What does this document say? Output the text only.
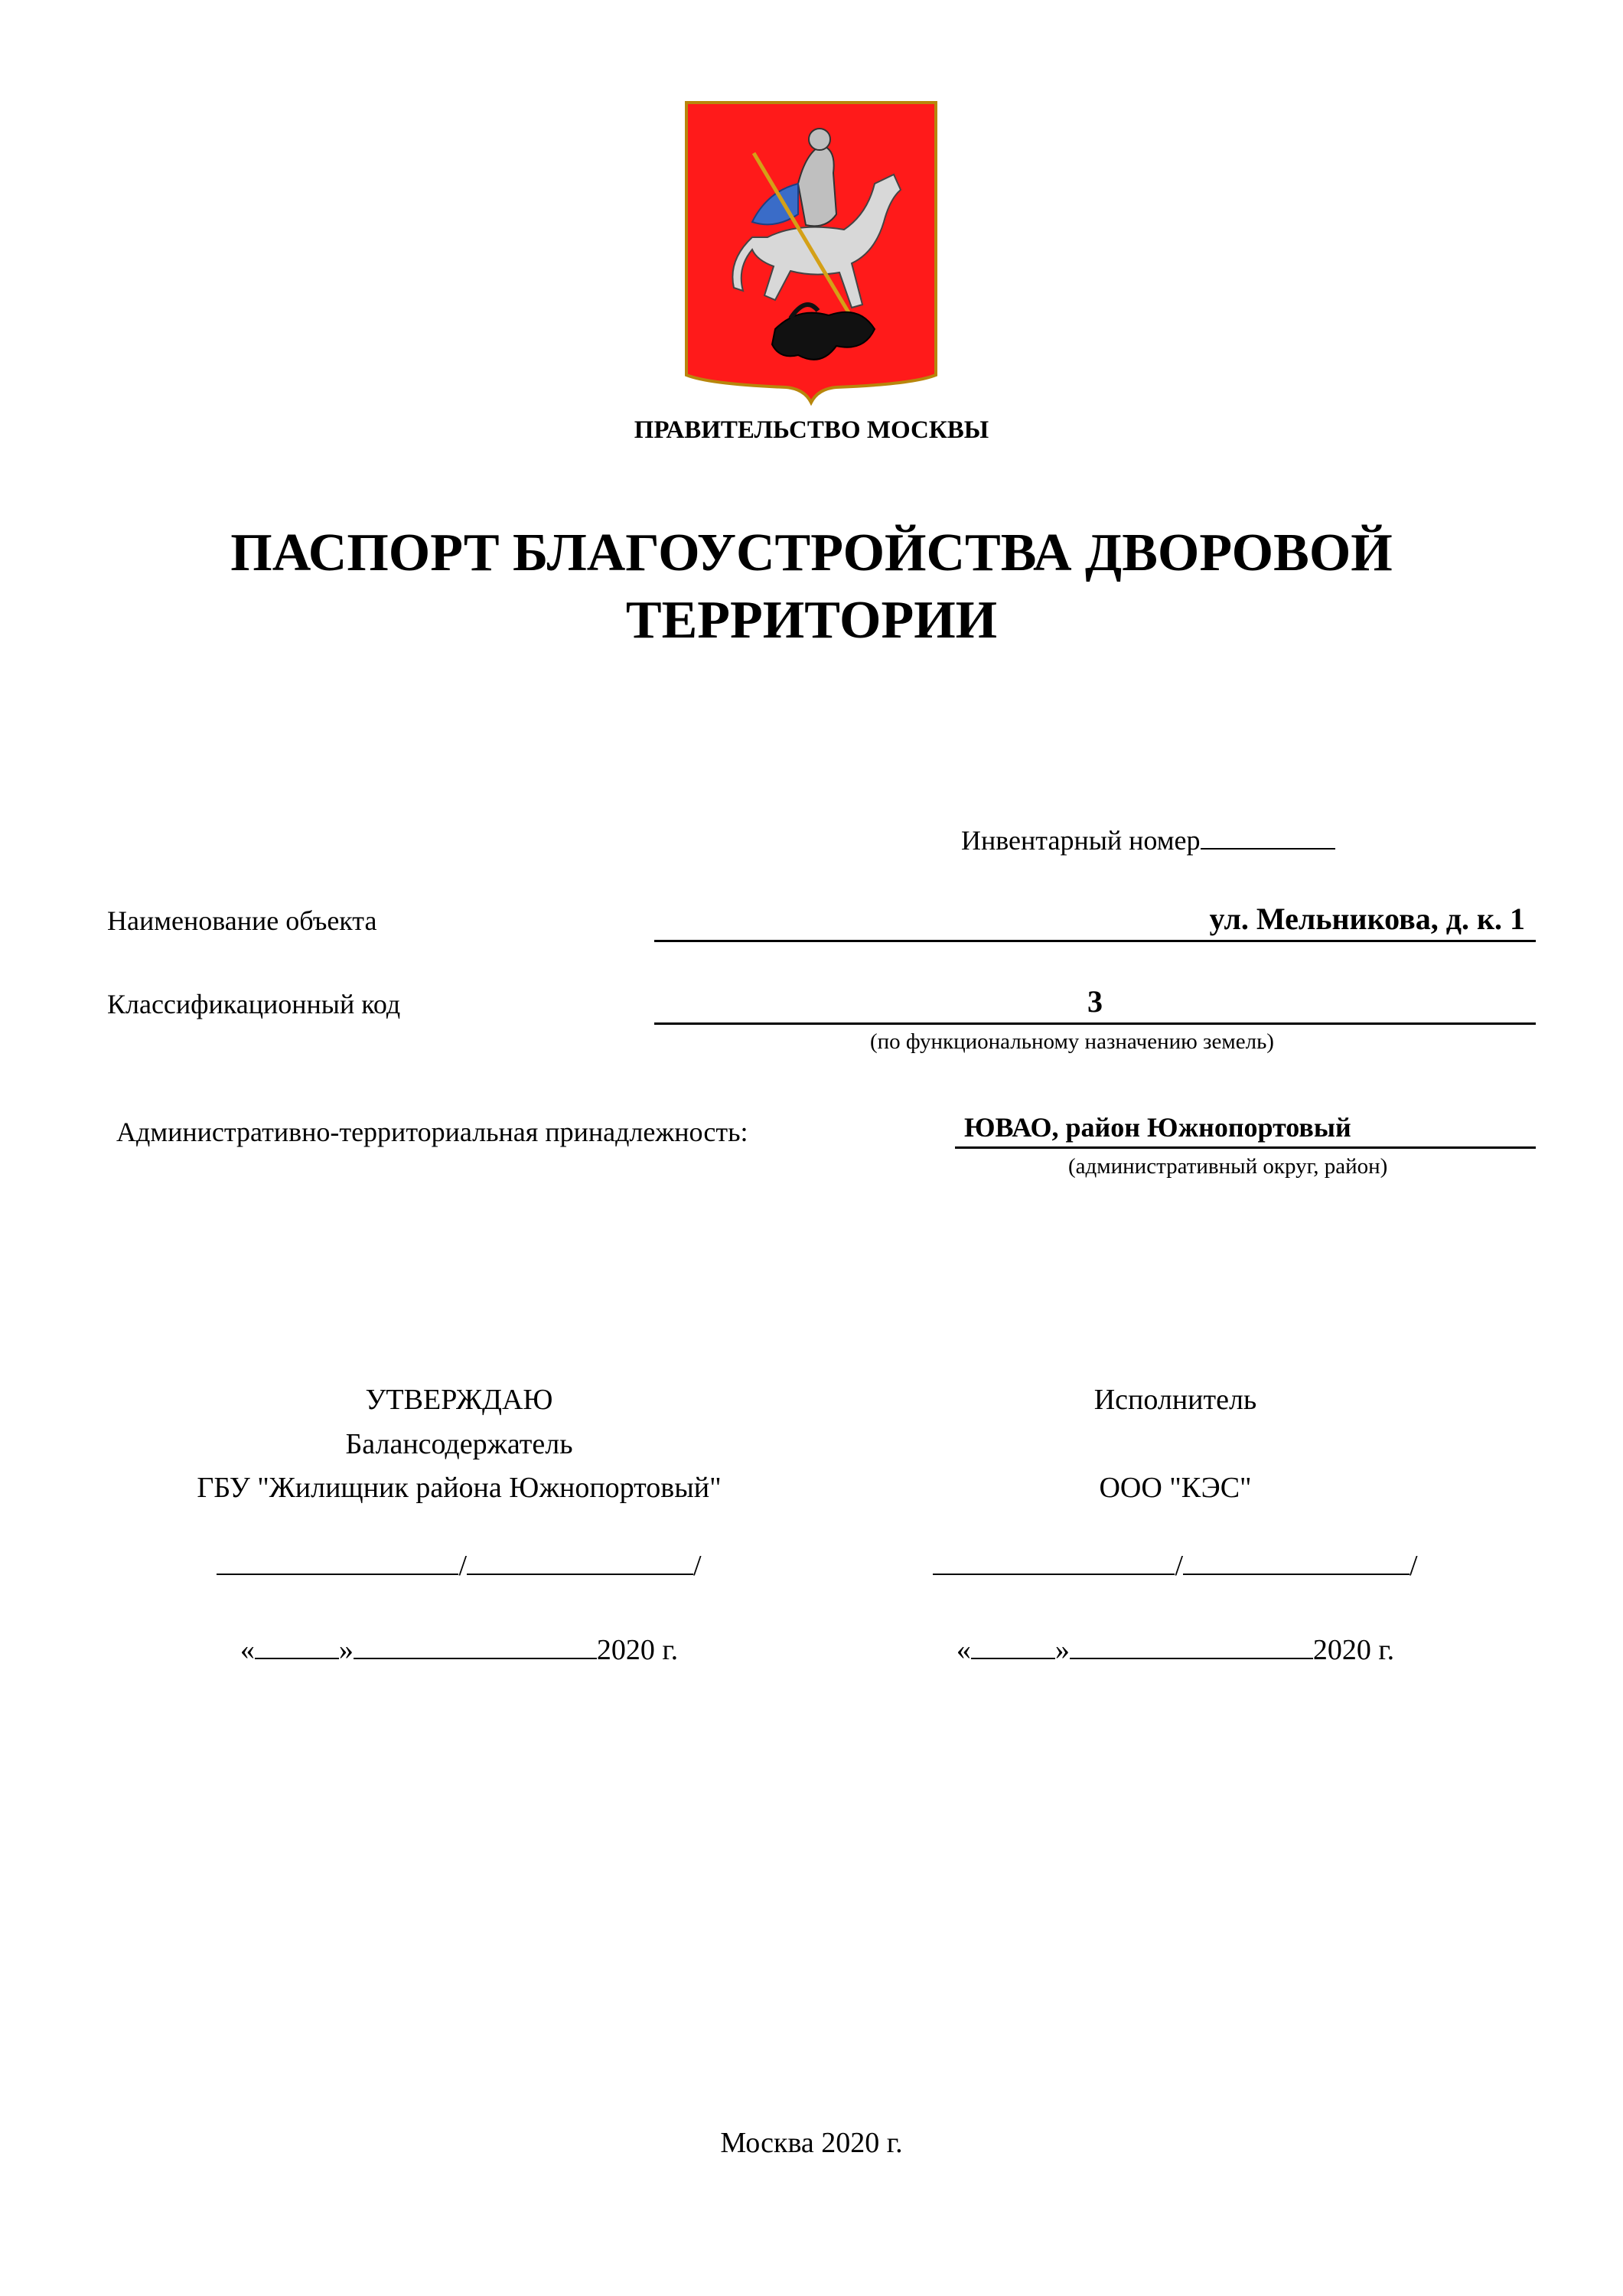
ПРАВИТЕЛЬСТВО МОСКВЫ
ПАСПОРТ БЛАГОУСТРОЙСТВА ДВОРОВОЙ
ТЕРРИТОРИИ
Инвентарный номер
Наименование объекта	ул. Мельникова, д. к. 1
Классификационный код	3
(по функциональному назначению земель)
Административно-территориальная принадлежность:	ЮВАО, район Южнопортовый
(административный округ, район)
УТВЕРЖДАЮ
Балансодержатель
ГБУ "Жилищник района Южнопортовый"
/	/
«	»	2020 г.
Исполнитель
ООО "КЭС"
/	/
«	»	2020 г.
Москва 2020 г.
